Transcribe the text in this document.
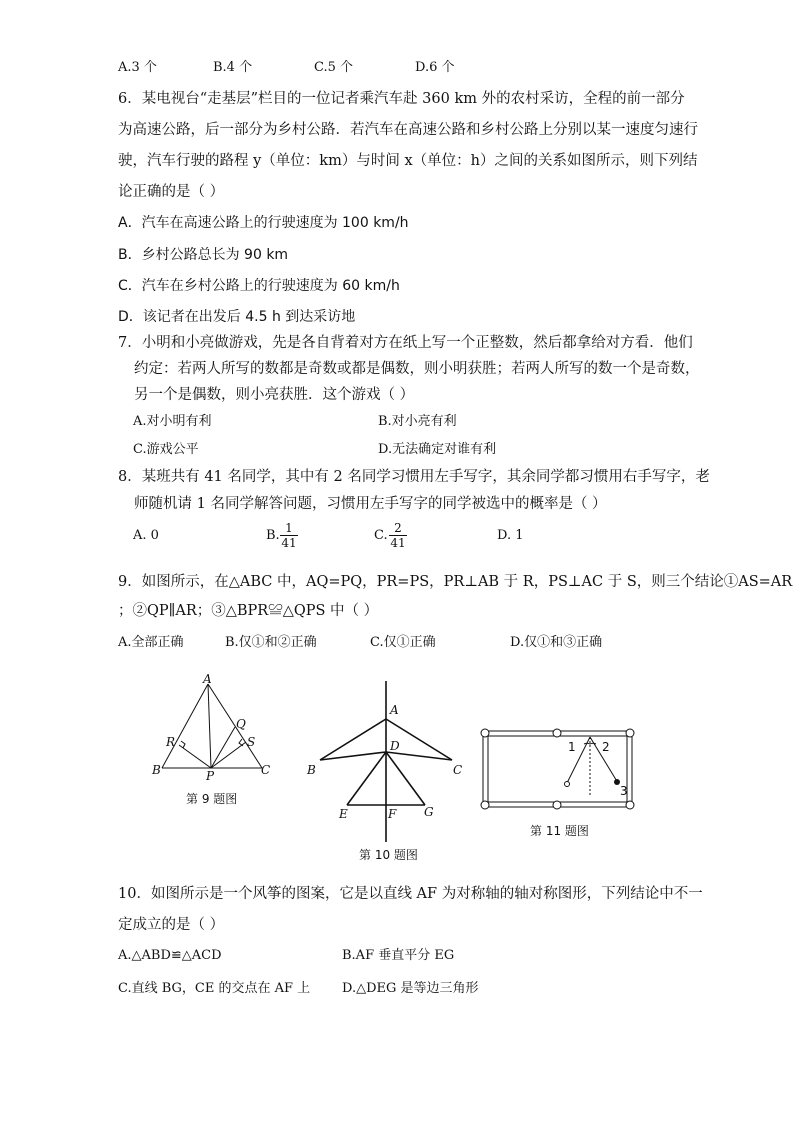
A.3 个	B.4 个	C.5 个	D.6 个
6．某电视台“走基层”栏目的一位记者乘汽车赴 360 km 外的农村采访，全程的前一部分
为高速公路，后一部分为乡村公路．若汽车在高速公路和乡村公路上分别以某一速度匀速行
驶，汽车行驶的路程 y（单位：km）与时间 x（单位：h）之间的关系如图所示，则下列结
论正确的是（ ）
A．汽车在高速公路上的行驶速度为 100 km/h
B．乡村公路总长为 90 km
C．汽车在乡村公路上的行驶速度为 60 km/h
D．该记者在出发后 4.5 h 到达采访地
7．小明和小亮做游戏，先是各自背着对方在纸上写一个正整数，然后都拿给对方看．他们
约定：若两人所写的数都是奇数或都是偶数，则小明获胜；若两人所写的数一个是奇数，
另一个是偶数，则小亮获胜．这个游戏（ ）
A.对小明有利	B.对小亮有利
C.游戏公平	D.无法确定对谁有利
8．某班共有 41 名同学，其中有 2 名同学习惯用左手写字，其余同学都习惯用右手写字，老
师随机请 1 名同学解答问题，习惯用左手写字的同学被选中的概率是（ ）
A. 0	B. $\frac{1}{41}$	C. $\frac{2}{41}$	D. 1
9．如图所示，在△ABC 中，AQ=PQ，PR=PS，PR⊥AB 于 R，PS⊥AC 于 S，则三个结论①AS=AR
；②QP∥AR；③△BPR≌△QPS 中（ ）
A.全部正确	B.仅①和②正确	C.仅①正确	D.仅①和③正确
A
R
Q
S
B	P	C
第 9 题图
A
D
B	C
E	F G
第 10 题图
1 2
3
第 11 题图
10．如图所示是一个风筝的图案，它是以直线 AF 为对称轴的轴对称图形，下列结论中不一
定成立的是（ ）
A.△ABD≌△ACD	B.AF 垂直平分 EG
C.直线 BG，CE 的交点在 AF 上 D.△DEG 是等边三角形
